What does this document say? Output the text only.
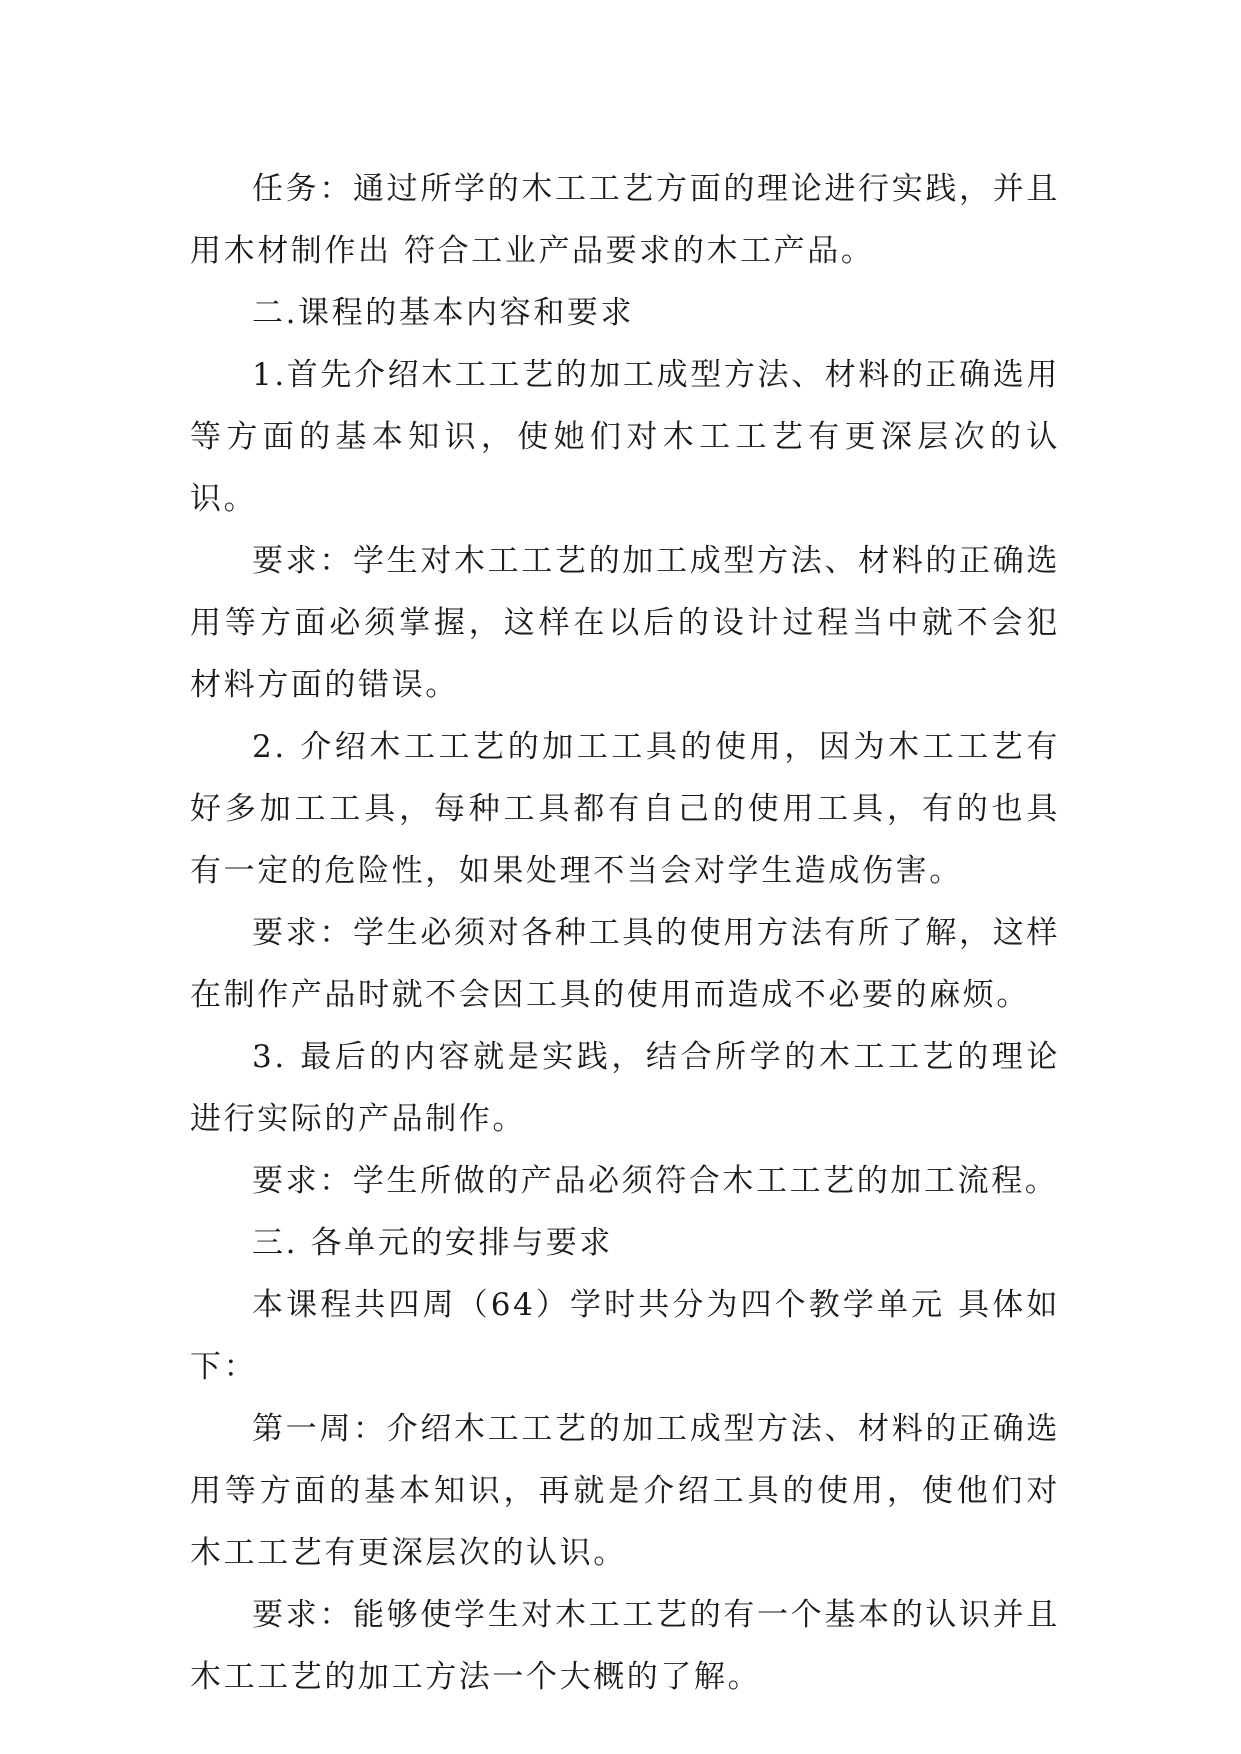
任务：通过所学的木工工艺方面的理论进行实践，并且用木材制作出 符合工业产品要求的木工产品。

二.课程的基本内容和要求

1.首先介绍木工工艺的加工成型方法、材料的正确选用等方面的基本知识，使她们对木工工艺有更深层次的认识。

要求：学生对木工工艺的加工成型方法、材料的正确选用等方面必须掌握，这样在以后的设计过程当中就不会犯材料方面的错误。

2. 介绍木工工艺的加工工具的使用，因为木工工艺有好多加工工具，每种工具都有自己的使用工具，有的也具有一定的危险性，如果处理不当会对学生造成伤害。

要求：学生必须对各种工具的使用方法有所了解，这样在制作产品时就不会因工具的使用而造成不必要的麻烦。

3. 最后的内容就是实践，结合所学的木工工艺的理论进行实际的产品制作。

要求：学生所做的产品必须符合木工工艺的加工流程。

三. 各单元的安排与要求

本课程共四周（64）学时共分为四个教学单元 具体如下：

第一周：介绍木工工艺的加工成型方法、材料的正确选用等方面的基本知识，再就是介绍工具的使用，使他们对木工工艺有更深层次的认识。

要求：能够使学生对木工工艺的有一个基本的认识并且木工工艺的加工方法一个大概的了解。
